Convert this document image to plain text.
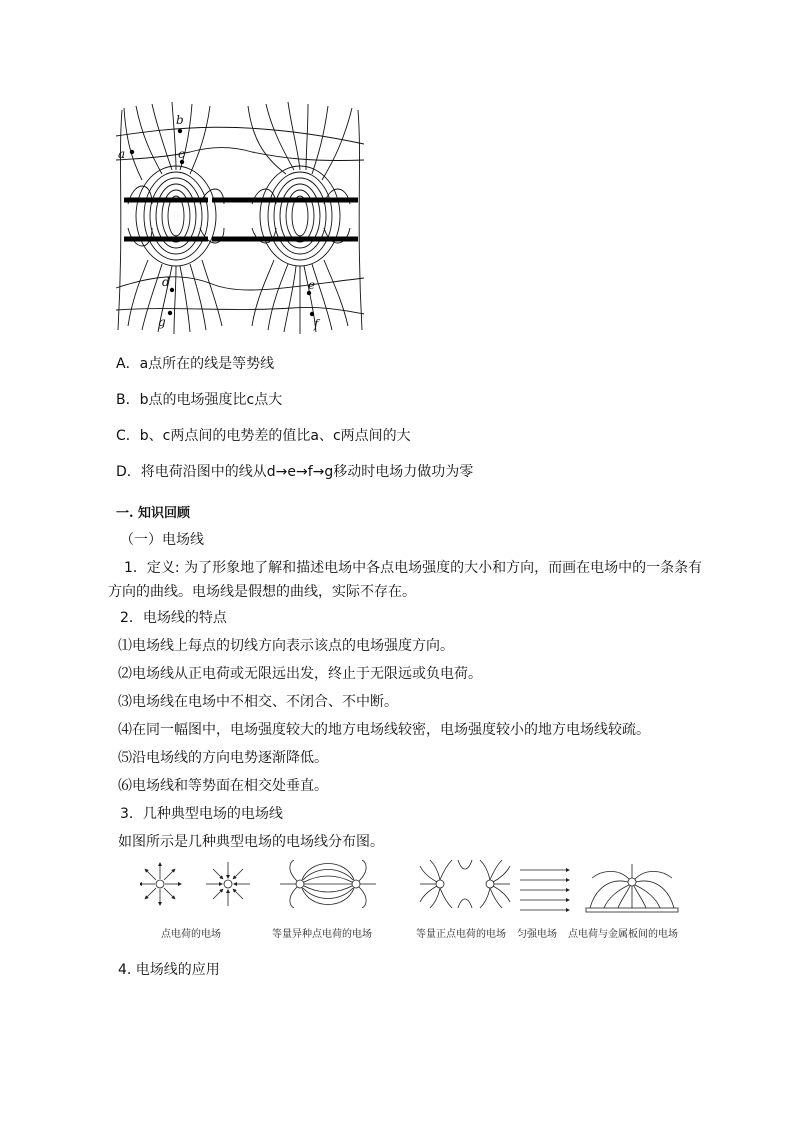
a
b
c
d	e
g	f
A．a点所在的线是等势线
B．b点的电场强度比c点大
C．b、c两点间的电势差的值比a、c两点间的大
D．将电荷沿图中的线从d→e→f→g移动时电场力做功为零
一. 知识回顾
（一）电场线
1．定义: 为了形象地了解和描述电场中各点电场强度的大小和方向，而画在电场中的一条条有
方向的曲线。电场线是假想的曲线，实际不存在。
2．电场线的特点
⑴电场线上每点的切线方向表示该点的电场强度方向。
⑵电场线从正电荷或无限远出发，终止于无限远或负电荷。
⑶电场线在电场中不相交、不闭合、不中断。
⑷在同一幅图中，电场强度较大的地方电场线较密，电场强度较小的地方电场线较疏。
⑸沿电场线的方向电势逐渐降低。
⑹电场线和等势面在相交处垂直。
3．几种典型电场的电场线
如图所示是几种典型电场的电场线分布图。
点电荷的电场	等量异种点电荷的电场	等量正点电荷的电场 匀强电场 点电荷与金属板间的电场
4. 电场线的应用
